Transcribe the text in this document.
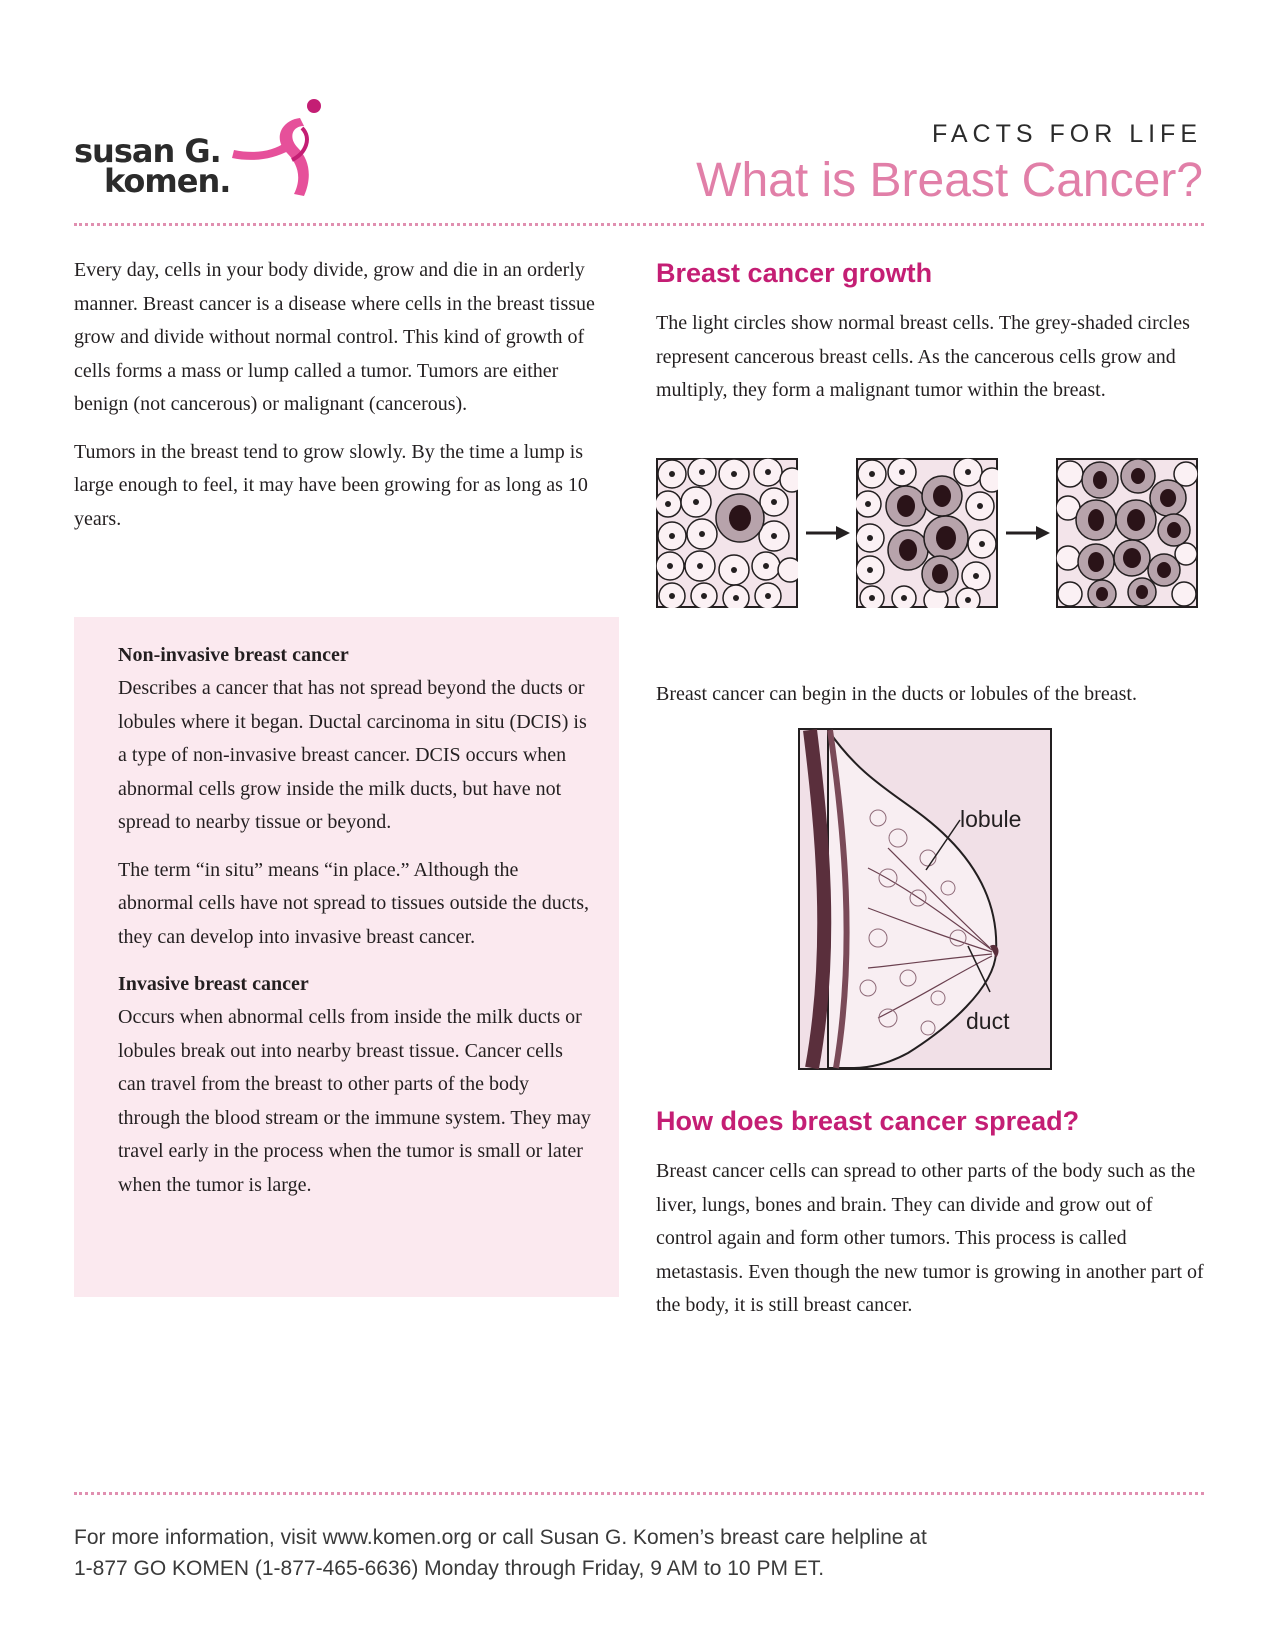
susan G.
komen.
FACTS FOR LIFE
What is Breast Cancer?

Every day, cells in your body divide, grow and die in an orderly manner. Breast cancer is a disease where cells in the breast tissue grow and divide without normal control. This kind of growth of cells forms a mass or lump called a tumor. Tumors are either benign (not cancerous) or malignant (cancerous).

Tumors in the breast tend to grow slowly. By the time a lump is large enough to feel, it may have been growing for as long as 10 years.

Non-invasive breast cancer

Describes a cancer that has not spread beyond the ducts or lobules where it began. Ductal carcinoma in situ (DCIS) is a type of non-invasive breast cancer. DCIS occurs when abnormal cells grow inside the milk ducts, but have not spread to nearby tissue or beyond.

The term “in situ” means “in place.” Although the abnormal cells have not spread to tissues outside the ducts, they can develop into invasive breast cancer.

Invasive breast cancer

Occurs when abnormal cells from inside the milk ducts or lobules break out into nearby breast tissue. Cancer cells can travel from the breast to other parts of the body through the blood stream or the immune system. They may travel early in the process when the tumor is small or later when the tumor is large.

Breast cancer growth

The light circles show normal breast cells. The grey-shaded circles represent cancerous breast cells. As the cancerous cells grow and multiply, they form a malignant tumor within the breast.

Breast cancer can begin in the ducts or lobules of the breast.

lobule
duct
How does breast cancer spread?

Breast cancer cells can spread to other parts of the body such as the liver, lungs, bones and brain. They can divide and grow out of control again and form other tumors. This process is called metastasis. Even though the new tumor is growing in another part of the body, it is still breast cancer.

For more information, visit www.komen.org or call Susan G. Komen’s breast care helpline at
1-877 GO KOMEN (1-877-465-6636) Monday through Friday, 9 AM to 10 PM ET.
